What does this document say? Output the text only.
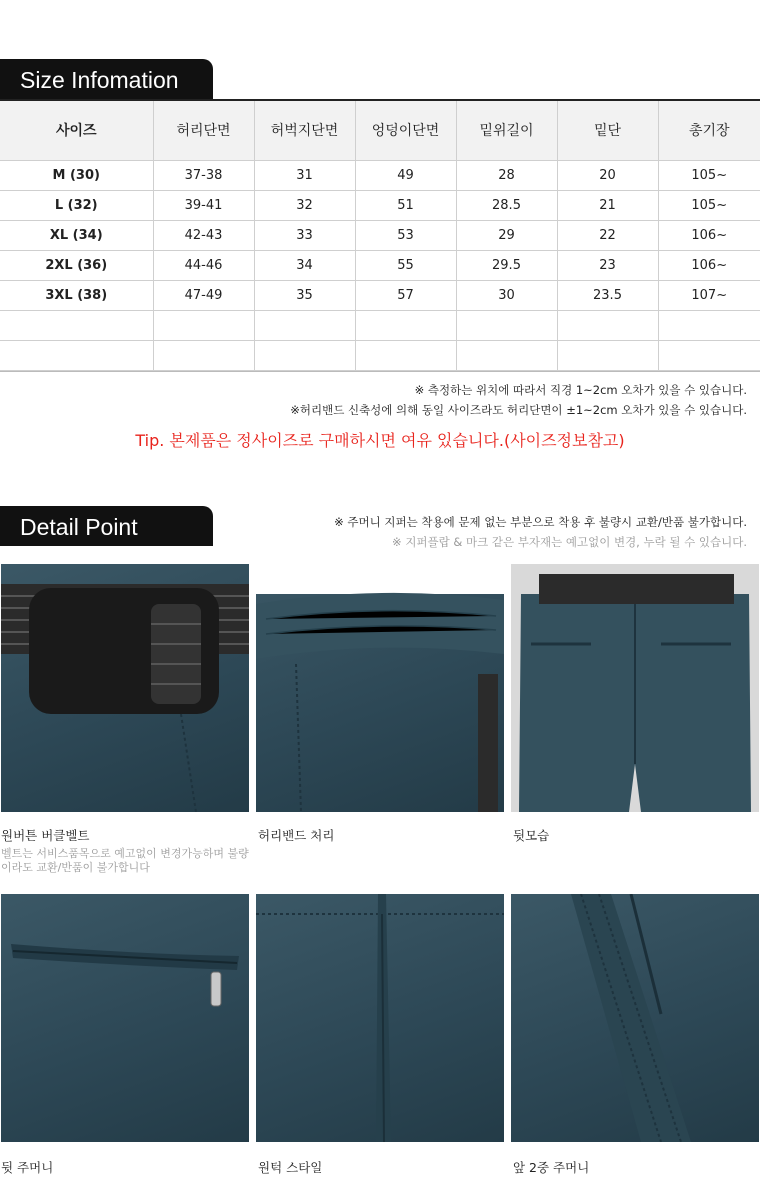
Size Infomation
사이즈	허리단면	허벅지단면	엉덩이단면	밑위길이	밑단	총기장
M (30)	37-38	31	49	28	20	105~
L (32)	39-41	32	51	28.5	21	105~
XL (34)	42-43	33	53	29	22	106~
2XL (36)	44-46	34	55	29.5	23	106~
3XL (38)	47-49	35	57	30	23.5	107~

※ 측정하는 위치에 따라서 직경 1~2cm 오차가 있을 수 있습니다.
※허리밴드 신축성에 의해 동일 사이즈라도 허리단면이 ±1~2cm 오차가 있을 수 있습니다.
Tip. 본제품은 정사이즈로 구매하시면 여유 있습니다.(사이즈정보참고)
Detail Point	※ 주머니 지퍼는 착용에 문제 없는 부분으로 착용 후 불량시 교환/반품 불가합니다.
※ 지퍼플랍 & 마크 같은 부자재는 예고없이 변경, 누락 될 수 있습니다.
원버튼 버클벨트
벨트는 서비스품목으로 예고없이 변경가능하며 불량이라도 교환/반품이 불가합니다
허리밴드 처리	뒷모습
뒷 주머니	원턱 스타일	앞 2중 주머니
